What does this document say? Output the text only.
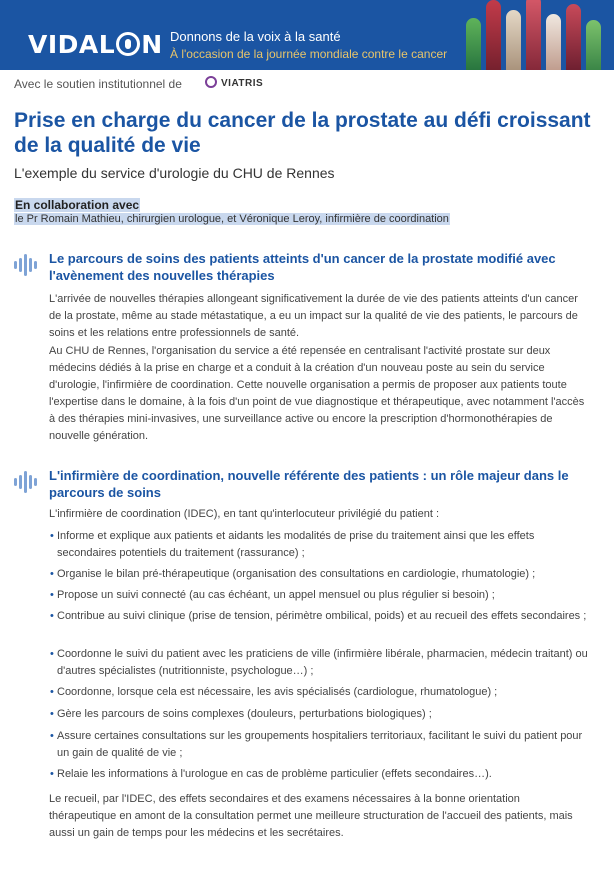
VIDAL N Donnons de la voix à la santé
À l'occasion de la journée mondiale contre le cancer
Avec le soutien institutionnel de	VIATRIS
Prise en charge du cancer de la prostate au défi croissant de la qualité de vie
L'exemple du service d'urologie du CHU de Rennes
En collaboration avec
le Pr Romain Mathieu, chirurgien urologue, et Véronique Leroy, infirmière de coordination
Le parcours de soins des patients atteints d'un cancer de la prostate modifié avec l'avènement des nouvelles thérapies
L'arrivée de nouvelles thérapies allongeant significativement la durée de vie des patients atteints d'un cancer de la prostate, même au stade métastatique, a eu un impact sur la qualité de vie des patients, le parcours de soins et les relations entre professionnels de santé.
Au CHU de Rennes, l'organisation du service a été repensée en centralisant l'activité prostate sur deux médecins dédiés à la prise en charge et a conduit à la création d'un nouveau poste au sein du service d'urologie, l'infirmière de coordination. Cette nouvelle organisation a permis de proposer aux patients toute l'expertise dans le domaine, à la fois d'un point de vue diagnostique et thérapeutique, avec notamment l'accès à des thérapies mini-invasives, une surveillance active ou encore la prescription d'hormonothérapies de nouvelle génération.
L'infirmière de coordination, nouvelle référente des patients : un rôle majeur dans le parcours de soins
L'infirmière de coordination (IDEC), en tant qu'interlocuteur privilégié du patient :
• Informe et explique aux patients et aidants les modalités de prise du traitement ainsi que les effets secondaires potentiels du traitement (rassurance) ;
• Organise le bilan pré-thérapeutique (organisation des consultations en cardiologie, rhumatologie) ;
• Propose un suivi connecté (au cas échéant, un appel mensuel ou plus régulier si besoin) ;
• Contribue au suivi clinique (prise de tension, périmètre ombilical, poids) et au recueil des effets secondaires ;
• Coordonne le suivi du patient avec les praticiens de ville (infirmière libérale, pharmacien, médecin traitant) ou d'autres spécialistes (nutritionniste, psychologue…) ;
• Coordonne, lorsque cela est nécessaire, les avis spécialisés (cardiologue, rhumatologue) ;
• Gère les parcours de soins complexes (douleurs, perturbations biologiques) ;
• Assure certaines consultations sur les groupements hospitaliers territoriaux, facilitant le suivi du patient pour un gain de qualité de vie ;
• Relaie les informations à l'urologue en cas de problème particulier (effets secondaires…).
Le recueil, par l'IDEC, des effets secondaires et des examens nécessaires à la bonne orientation thérapeutique en amont de la consultation permet une meilleure structuration de l'accueil des patients, mais aussi un gain de temps pour les médecins et les secrétaires.
